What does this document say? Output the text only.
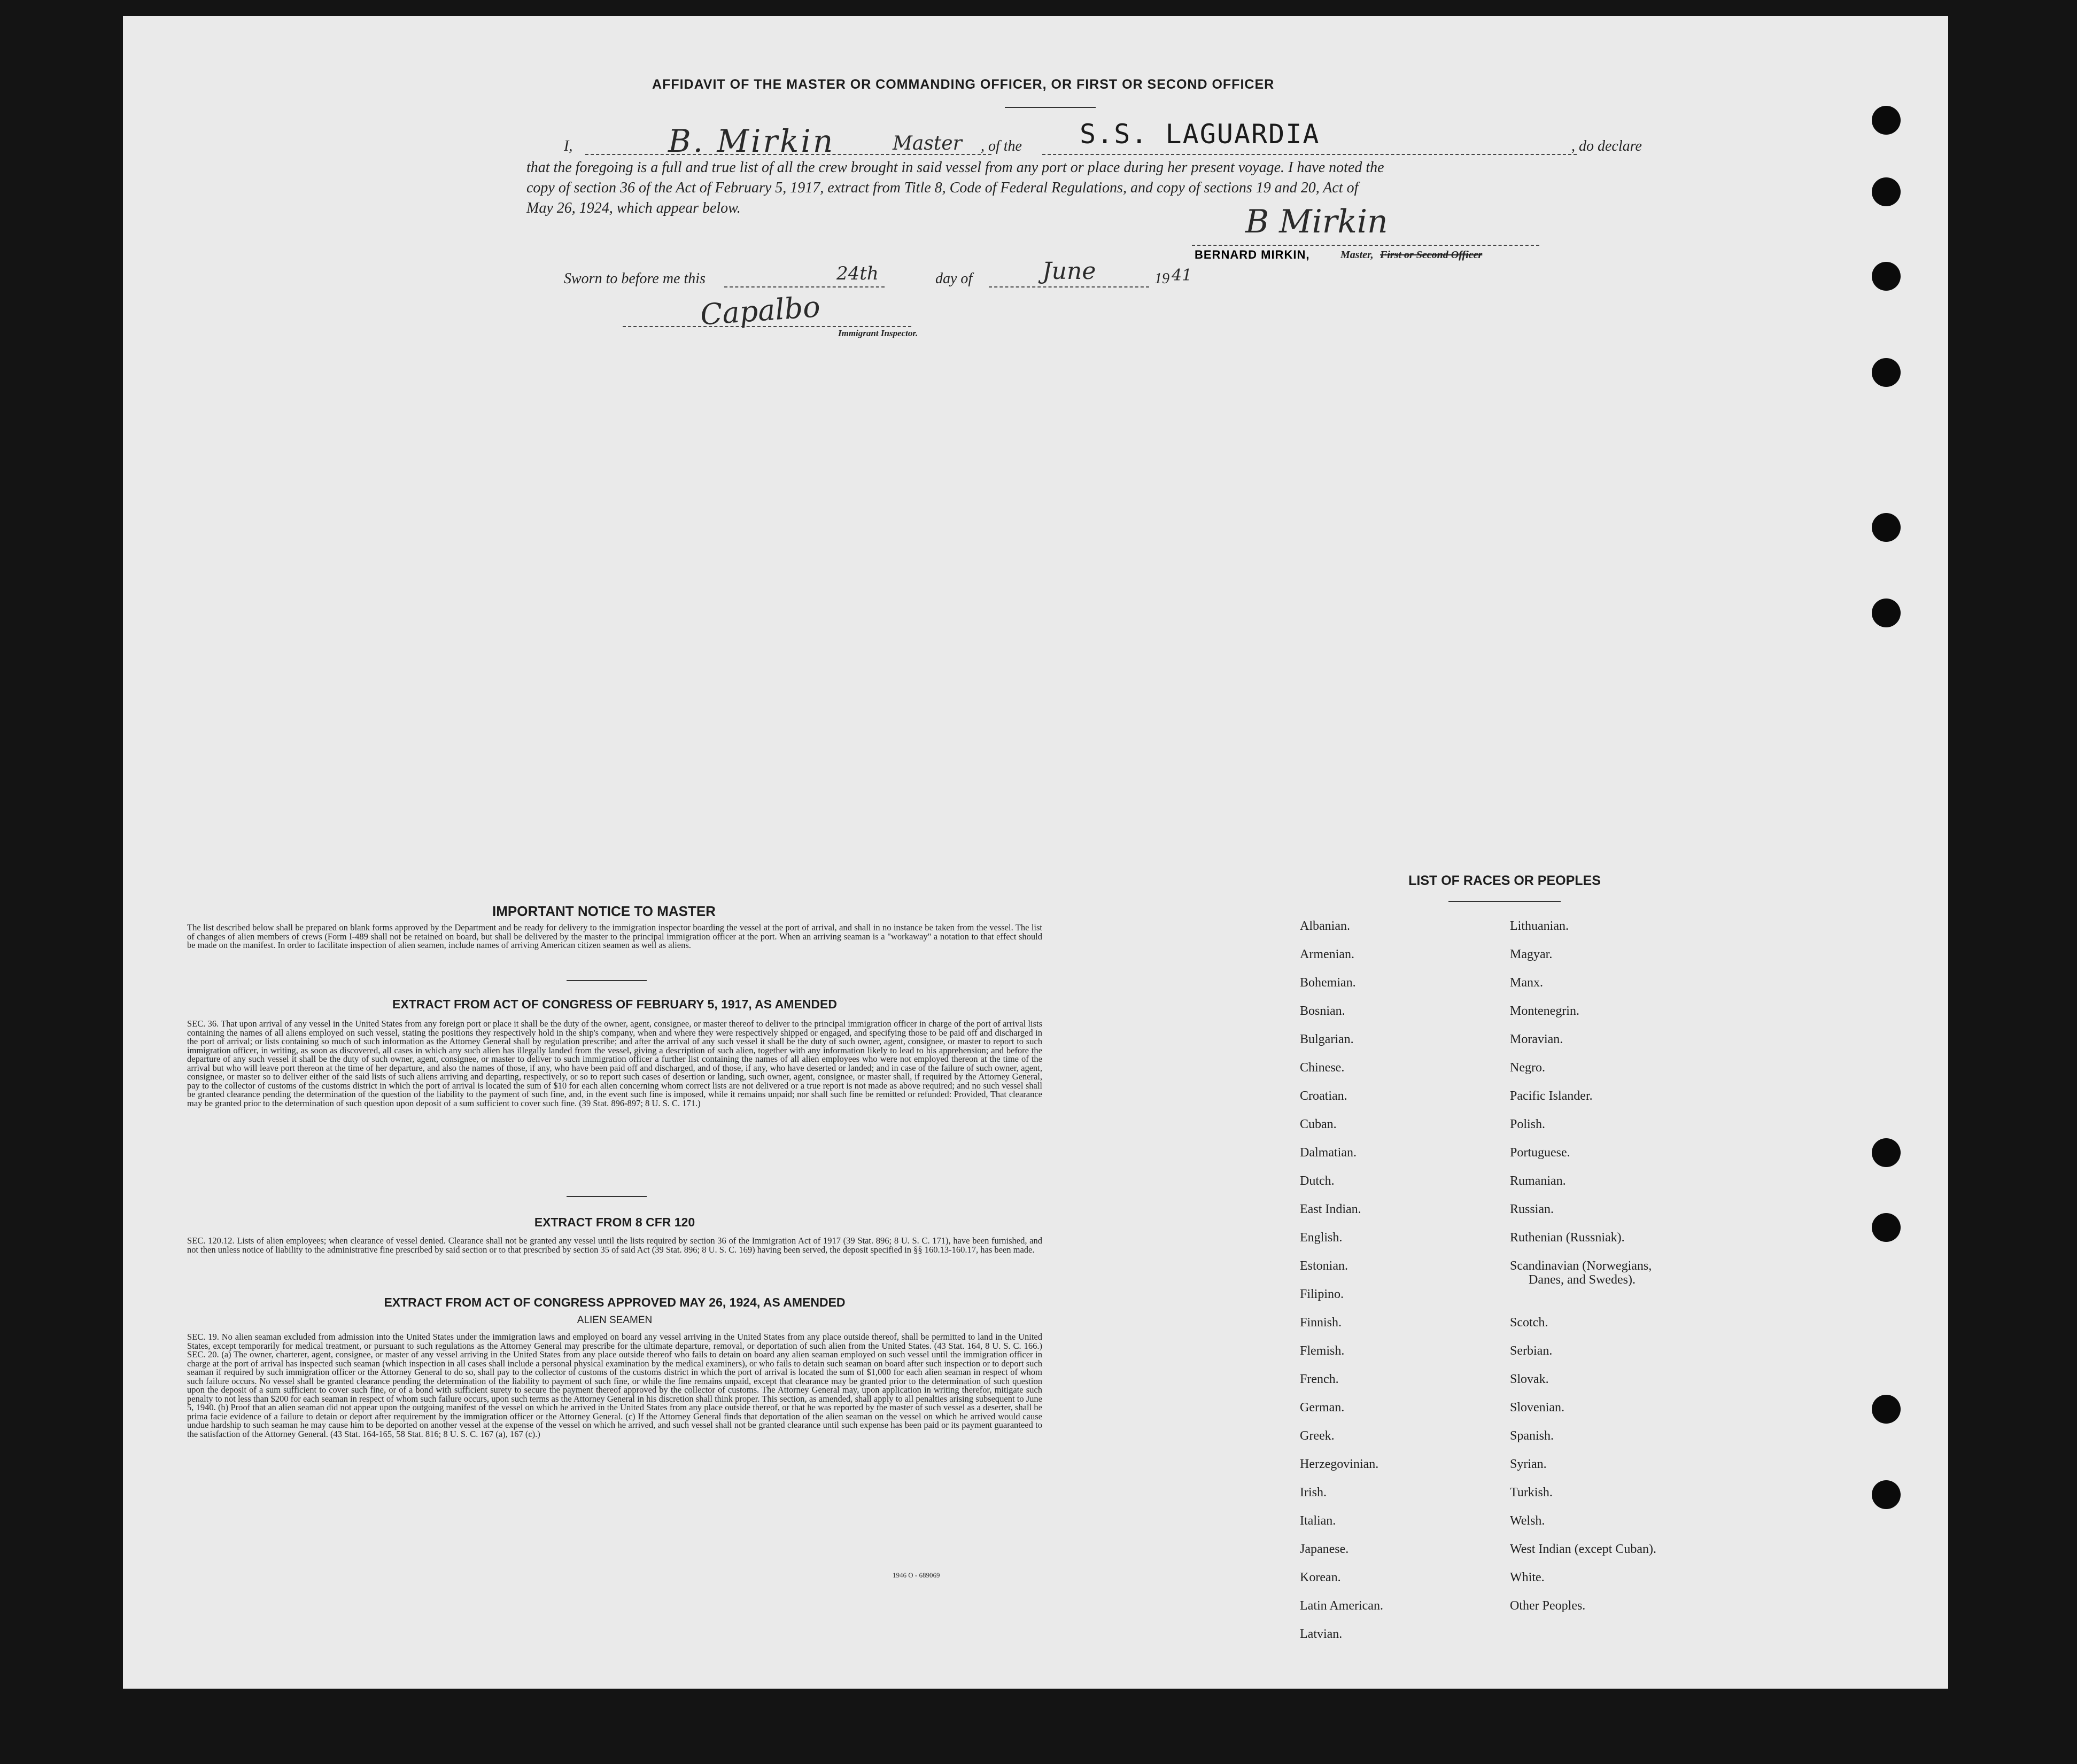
AFFIDAVIT OF THE MASTER OR COMMANDING OFFICER, OR FIRST OR SECOND OFFICER
I,	B. Mirkin	Master , of the S.S. LAGUARDIA	, do declare
that the foregoing is a full and true list of all the crew brought in said vessel from any port or place during her present voyage. I have noted the
copy of section 36 of the Act of February 5, 1917, extract from Title 8, Code of Federal Regulations, and copy of sections 19 and 20, Act of
May 26, 1924, which appear below.	B Mirkin
BERNARD MIRKIN,	Master, First or Second Officer
Sworn to before me this	24th	day of	June	19 41
Capalbo
Immigrant Inspector.
IMPORTANT NOTICE TO MASTER
The list described below shall be prepared on blank forms approved by the Department and be ready for delivery to the immigration inspector boarding the vessel at the port of arrival, and shall in no instance be taken from the vessel. The list of changes of alien members of crews (Form I-489 shall not be retained on board, but shall be delivered by the master to the principal immigration officer at the port. When an arriving seaman is a "workaway" a notation to that effect should be made on the manifest. In order to facilitate inspection of alien seamen, include names of arriving American citizen seamen as well as aliens.
EXTRACT FROM ACT OF CONGRESS OF FEBRUARY 5, 1917, AS AMENDED
SEC. 36. That upon arrival of any vessel in the United States from any foreign port or place it shall be the duty of the owner, agent, consignee, or master thereof to deliver to the principal immigration officer in charge of the port of arrival lists containing the names of all aliens employed on such vessel, stating the positions they respectively hold in the ship's company, when and where they were respectively shipped or engaged, and specifying those to be paid off and discharged in the port of arrival; or lists containing so much of such information as the Attorney General shall by regulation prescribe; and after the arrival of any such vessel it shall be the duty of such owner, agent, consignee, or master to report to such immigration officer, in writing, as soon as discovered, all cases in which any such alien has illegally landed from the vessel, giving a description of such alien, together with any information likely to lead to his apprehension; and before the departure of any such vessel it shall be the duty of such owner, agent, consignee, or master to deliver to such immigration officer a further list containing the names of all alien employees who were not employed thereon at the time of the arrival but who will leave port thereon at the time of her departure, and also the names of those, if any, who have been paid off and discharged, and of those, if any, who have deserted or landed; and in case of the failure of such owner, agent, consignee, or master so to deliver either of the said lists of such aliens arriving and departing, respectively, or so to report such cases of desertion or landing, such owner, agent, consignee, or master shall, if required by the Attorney General, pay to the collector of customs of the customs district in which the port of arrival is located the sum of $10 for each alien concerning whom correct lists are not delivered or a true report is not made as above required; and no such vessel shall be granted clearance pending the determination of the question of the liability to the payment of such fine, and, in the event such fine is imposed, while it remains unpaid; nor shall such fine be remitted or refunded: Provided, That clearance may be granted prior to the determination of such question upon deposit of a sum sufficient to cover such fine. (39 Stat. 896-897; 8 U. S. C. 171.)
EXTRACT FROM 8 CFR 120
SEC. 120.12. Lists of alien employees; when clearance of vessel denied. Clearance shall not be granted any vessel until the lists required by section 36 of the Immigration Act of 1917 (39 Stat. 896; 8 U. S. C. 171), have been furnished, and not then unless notice of liability to the administrative fine prescribed by said section or to that prescribed by section 35 of said Act (39 Stat. 896; 8 U. S. C. 169) having been served, the deposit specified in §§ 160.13-160.17, has been made.
EXTRACT FROM ACT OF CONGRESS APPROVED MAY 26, 1924, AS AMENDED
ALIEN SEAMEN
SEC. 19. No alien seaman excluded from admission into the United States under the immigration laws and employed on board any vessel arriving in the United States from any place outside thereof, shall be permitted to land in the United States, except temporarily for medical treatment, or pursuant to such regulations as the Attorney General may prescribe for the ultimate departure, removal, or deportation of such alien from the United States. (43 Stat. 164, 8 U. S. C. 166.) SEC. 20. (a) The owner, charterer, agent, consignee, or master of any vessel arriving in the United States from any place outside thereof who fails to detain on board any alien seaman employed on such vessel until the immigration officer in charge at the port of arrival has inspected such seaman (which inspection in all cases shall include a personal physical examination by the medical examiners), or who fails to detain such seaman on board after such inspection or to deport such seaman if required by such immigration officer or the Attorney General to do so, shall pay to the collector of customs of the customs district in which the port of arrival is located the sum of $1,000 for each alien seaman in respect of whom such failure occurs. No vessel shall be granted clearance pending the determination of the liability to payment of such fine, or while the fine remains unpaid, except that clearance may be granted prior to the determination of such question upon the deposit of a sum sufficient to cover such fine, or of a bond with sufficient surety to secure the payment thereof approved by the collector of customs. The Attorney General may, upon application in writing therefor, mitigate such penalty to not less than $200 for each seaman in respect of whom such failure occurs, upon such terms as the Attorney General in his discretion shall think proper. This section, as amended, shall apply to all penalties arising subsequent to June 5, 1940. (b) Proof that an alien seaman did not appear upon the outgoing manifest of the vessel on which he arrived in the United States from any place outside thereof, or that he was reported by the master of such vessel as a deserter, shall be prima facie evidence of a failure to detain or deport after requirement by the immigration officer or the Attorney General. (c) If the Attorney General finds that deportation of the alien seaman on the vessel on which he arrived would cause undue hardship to such seaman he may cause him to be deported on another vessel at the expense of the vessel on which he arrived, and such vessel shall not be granted clearance until such expense has been paid or its payment guaranteed to the satisfaction of the Attorney General. (43 Stat. 164-165, 58 Stat. 816; 8 U. S. C. 167 (a), 167 (c).)
1946 O - 689069
LIST OF RACES OR PEOPLES
Albanian.
Armenian.
Bohemian.
Bosnian.
Bulgarian.
Chinese.
Croatian.
Cuban.
Dalmatian.
Dutch.
East Indian.
English.
Estonian.
Filipino.
Finnish.
Flemish.
French.
German.
Greek.
Herzegovinian.
Irish.
Italian.
Japanese.
Korean.
Latin American.
Latvian.
Lithuanian.
Magyar.
Manx.
Montenegrin.
Moravian.
Negro.
Pacific Islander.
Polish.
Portuguese.
Rumanian.
Russian.
Ruthenian (Russniak).
Scandinavian (Norwegians,
Danes, and Swedes).
Scotch.
Serbian.
Slovak.
Slovenian.
Spanish.
Syrian.
Turkish.
Welsh.
West Indian (except Cuban).
White.
Other Peoples.
